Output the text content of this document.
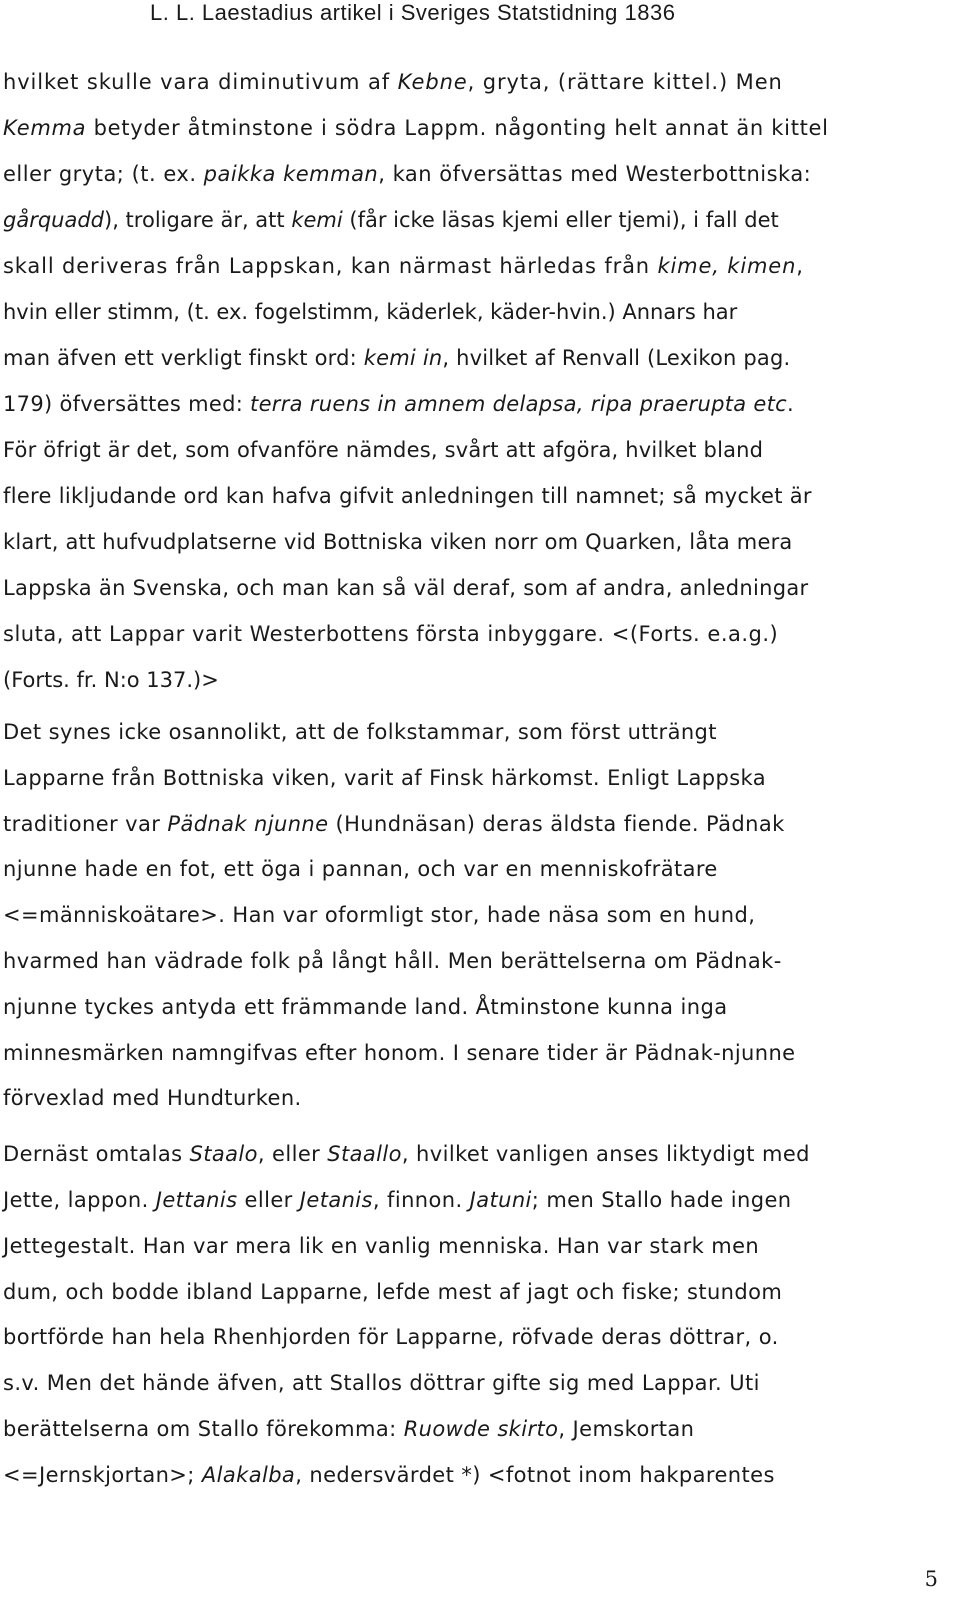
L. L. Laestadius artikel i Sveriges Statstidning 1836

hvilket skulle vara diminutivum af Kebne, gryta, (rättare kittel.) Men
Kemma betyder åtminstone i södra Lappm. någonting helt annat än kittel
eller gryta; (t. ex. paikka kemman, kan öfversättas med Westerbottniska:
gårquadd), troligare är, att kemi (får icke läsas kjemi eller tjemi), i fall det
skall deriveras från Lappskan, kan närmast härledas från kime, kimen,
hvin eller stimm, (t. ex. fogelstimm, käderlek, käder-hvin.) Annars har
man äfven ett verkligt finskt ord: kemi in, hvilket af Renvall (Lexikon pag.
179) öfversättes med: terra ruens in amnem delapsa, ripa praerupta etc.
För öfrigt är det, som ofvanföre nämdes, svårt att afgöra, hvilket bland
flere likljudande ord kan hafva gifvit anledningen till namnet; så mycket är
klart, att hufvudplatserne vid Bottniska viken norr om Quarken, låta mera
Lappska än Svenska, och man kan så väl deraf, som af andra, anledningar
sluta, att Lappar varit Westerbottens första inbyggare. <(Forts. e.a.g.)
(Forts. fr. N:o 137.)>

Det synes icke osannolikt, att de folkstammar, som först utträngt
Lapparne från Bottniska viken, varit af Finsk härkomst. Enligt Lappska
traditioner var Pädnak njunne (Hundnäsan) deras äldsta fiende. Pädnak
njunne hade en fot, ett öga i pannan, och var en menniskofrätare
<=människoätare>. Han var oformligt stor, hade näsa som en hund,
hvarmed han vädrade folk på långt håll. Men berättelserna om Pädnak-
njunne tyckes antyda ett främmande land. Åtminstone kunna inga
minnesmärken namngifvas efter honom. I senare tider är Pädnak-njunne
förvexlad med Hundturken.

Dernäst omtalas Staalo, eller Staallo, hvilket vanligen anses liktydigt med
Jette, lappon. Jettanis eller Jetanis, finnon. Jatuni; men Stallo hade ingen
Jettegestalt. Han var mera lik en vanlig menniska. Han var stark men
dum, och bodde ibland Lapparne, lefde mest af jagt och fiske; stundom
bortförde han hela Rhenhjorden för Lapparne, röfvade deras döttrar, o.
s.v. Men det hände äfven, att Stallos döttrar gifte sig med Lappar. Uti
berättelserna om Stallo förekomma: Ruowde skirto, Jemskortan
<=Jernskjortan>; Alakalba, nedersvärdet *) <fotnot inom hakparentes

5
